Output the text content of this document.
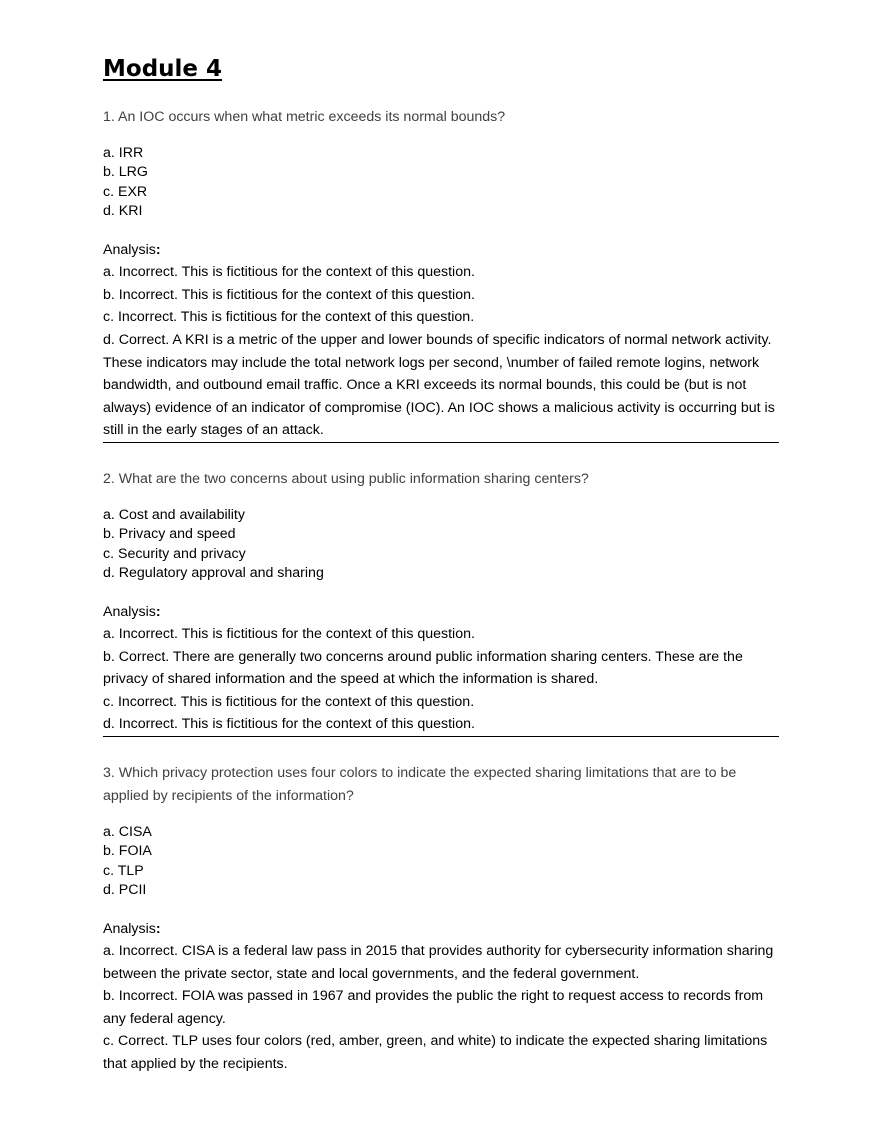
Module 4

1. An IOC occurs when what metric exceeds its normal bounds?

a. IRR
b. LRG
c. EXR
d. KRI

Analysis:

a. Incorrect. This is fictitious for the context of this question.

b. Incorrect. This is fictitious for the context of this question.

c. Incorrect. This is fictitious for the context of this question.

d. Correct. A KRI is a metric of the upper and lower bounds of specific indicators of normal network activity. These indicators may include the total network logs per second, \number of failed remote logins, network bandwidth, and outbound email traffic. Once a KRI exceeds its normal bounds, this could be (but is not always) evidence of an indicator of compromise (IOC). An IOC shows a malicious activity is occurring but is still in the early stages of an attack.

2. What are the two concerns about using public information sharing centers?

a. Cost and availability
b. Privacy and speed
c. Security and privacy
d. Regulatory approval and sharing

Analysis:

a. Incorrect. This is fictitious for the context of this question.

b. Correct. There are generally two concerns around public information sharing centers. These are the privacy of shared information and the speed at which the information is shared.

c. Incorrect. This is fictitious for the context of this question.

d. Incorrect. This is fictitious for the context of this question.

3. Which privacy protection uses four colors to indicate the expected sharing limitations that are to be applied by recipients of the information?

a. CISA
b. FOIA
c. TLP
d. PCII

Analysis:

a. Incorrect. CISA is a federal law pass in 2015 that provides authority for cybersecurity information sharing between the private sector, state and local governments, and the federal government.

b. Incorrect. FOIA was passed in 1967 and provides the public the right to request access to records from any federal agency.

c. Correct. TLP uses four colors (red, amber, green, and white) to indicate the expected sharing limitations that applied by the recipients.
